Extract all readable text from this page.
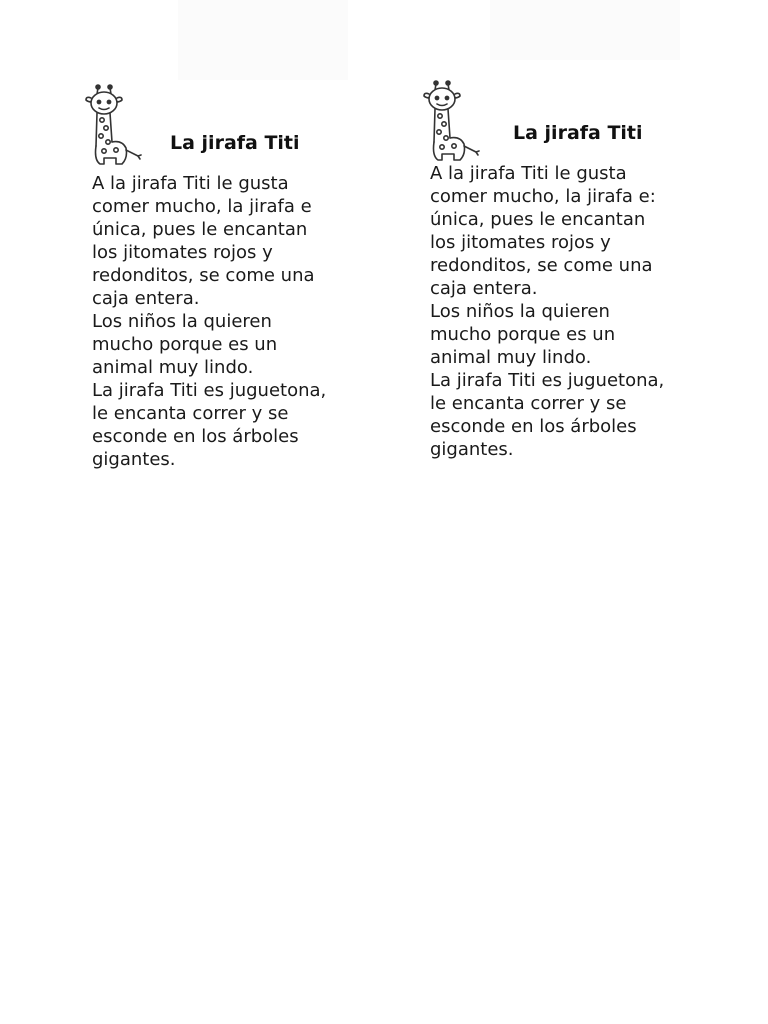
La jirafa Titi
A la jirafa Titi le gusta
comer mucho, la jirafa e
única, pues le encantan
los jitomates rojos y
redonditos, se come una
caja entera.
Los niños la quieren
mucho porque es un
animal muy lindo.
La jirafa Titi es juguetona,
le encanta correr y se
esconde en los árboles
gigantes.
La jirafa Titi
A la jirafa Titi le gusta
comer mucho, la jirafa e:
única, pues le encantan
los jitomates rojos y
redonditos, se come una
caja entera.
Los niños la quieren
mucho porque es un
animal muy lindo.
La jirafa Titi es juguetona,
le encanta correr y se
esconde en los árboles
gigantes.
